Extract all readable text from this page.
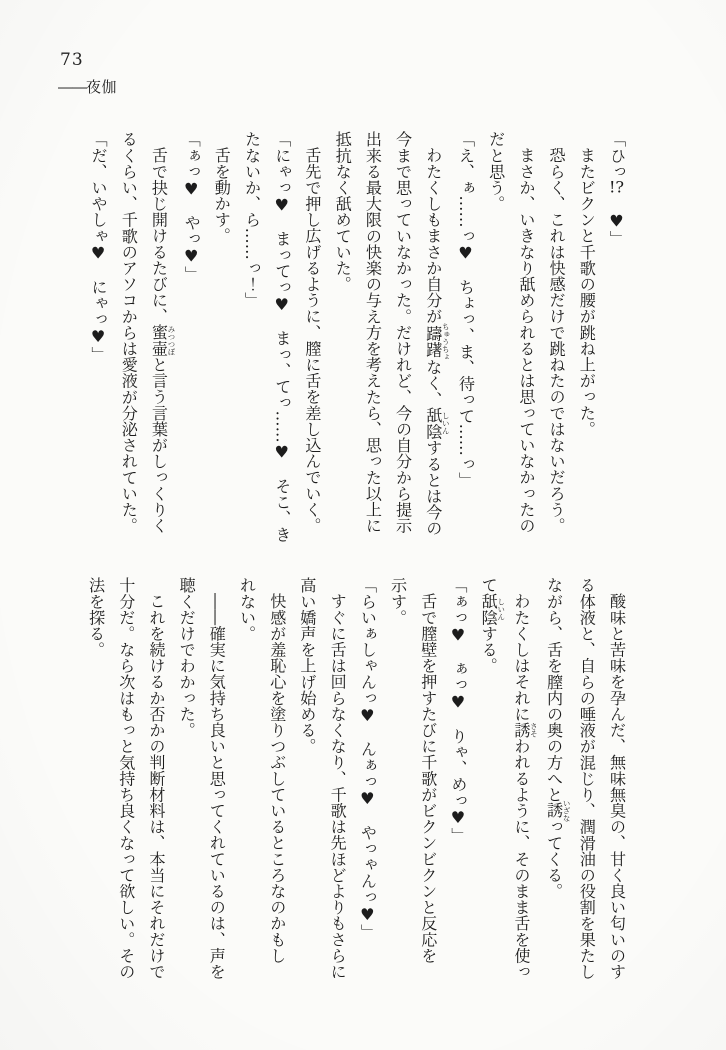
73
――夜伽

「ひっ!?　♥」

またビクンと千歌の腰が跳ね上がった。

恐らく、これは快感だけで跳ねたのではないだろう。

まさか、いきなり舐められるとは思っていなかったの

だと思う。

「え、ぁ……っ♥　ちょっ、ま、待って……っ」

わたくしもまさか自分が躊躇 ちゅうちょなく、舐陰 しいんするとは今の

今まで思っていなかった。だけれど、今の自分から提示

出来る最大限の快楽の与え方を考えたら、思った以上に

抵抗なく舐めていた。

舌先で押し広げるように、膣に舌を差し込んでいく。

「にゃっ♥　まってっ♥　まっ、てっ……♥　そこ、き

たないか、ら……っ！」

舌を動かす。

「ぁっ♥　やっ♥」

舌で抉じ開けるたびに、蜜壷 みつつぼと言う言葉がしっくりく

るくらい、千歌のアソコからは愛液が分泌されていた。

「だ、いやしゃ♥　にゃっ♥」

酸味と苦味を孕んだ、無味無臭の、甘く良い匂いのす

る体液と、自らの唾液が混じり、潤滑油の役割を果たし

ながら、舌を膣内の奥の方へと誘 いざなってくる。

わたくしはそれに誘 さそわれるように、そのまま舌を使っ

て舐陰 しいんする。

「ぁっ♥　ぁっ♥　りゃ、めっ♥」

舌で膣壁を押すたびに千歌がビクンビクンと反応を

示す。

「らいぁしゃんっ♥　んぁっ♥　やっゃんっ♥」

すぐに舌は回らなくなり、千歌は先ほどよりもさらに

高い嬌声を上げ始める。

快感が羞恥心を塗りつぶしているところなのかもし

れない。

――確実に気持ち良いと思ってくれているのは、声を

聴くだけでわかった。

これを続けるか否かの判断材料は、本当にそれだけで

十分だ。なら次はもっと気持ち良くなって欲しい。その

法を探る。
